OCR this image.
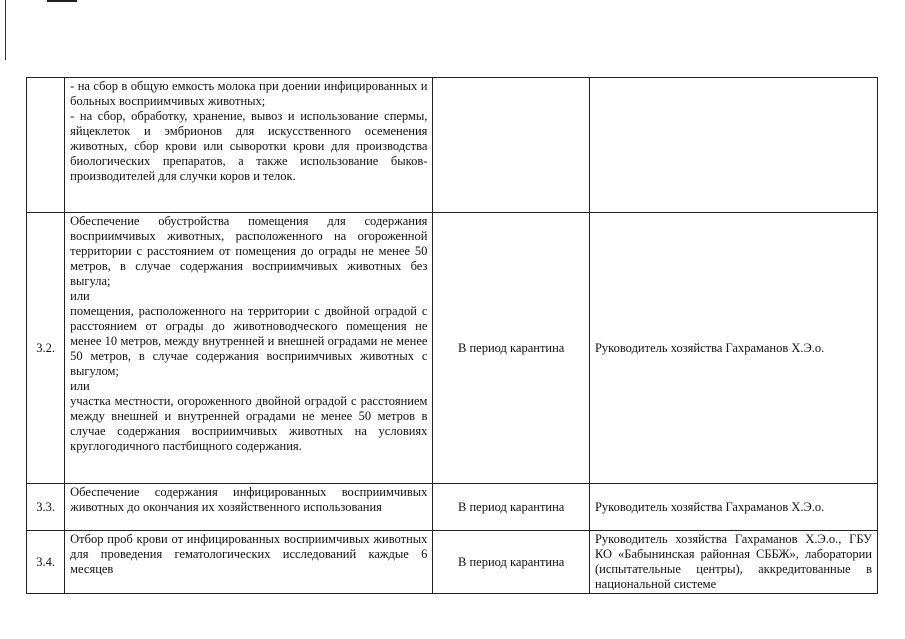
	- на сбор в общую емкость молока при доении инфицированных и больных восприимчивых животных;
- на сбор, обработку, хранение, вывоз и использование спермы, яйцеклеток и эмбрионов для искусственного осеменения животных, сбор крови или сыворотки крови для производства биологических препаратов, а также использование быков-производителей для случки коров и телок.		

3.2.	Обеспечение обустройства помещения для содержания восприимчивых животных, расположенного на огороженной территории с расстоянием от помещения до ограды не менее 50 метров, в случае содержания восприимчивых животных без выгула;
или
помещения, расположенного на территории с двойной оградой с расстоянием от ограды до животноводческого помещения не менее 10 метров, между внутренней и внешней оградами не менее 50 метров, в случае содержания восприимчивых животных с выгулом;
или
участка местности, огороженного двойной оградой с расстоянием между внешней и внутренней оградами не менее 50 метров в случае содержания восприимчивых животных на условиях круглогодичного пастбищного содержания.	В период карантина	Руководитель хозяйства Гахраманов Х.Э.о.
3.3.	Обеспечение содержания инфицированных восприимчивых животных до окончания их хозяйственного использования	В период карантина	Руководитель хозяйства Гахраманов Х.Э.о.
3.4.	Отбор проб крови от инфицированных восприимчивых животных для проведения гематологических исследований каждые 6 месяцев	В период карантина	Руководитель хозяйства Гахраманов Х.Э.о., ГБУ КО «Бабынинская районная СББЖ», лаборатории (испытательные центры), аккредитованные в национальной системе
